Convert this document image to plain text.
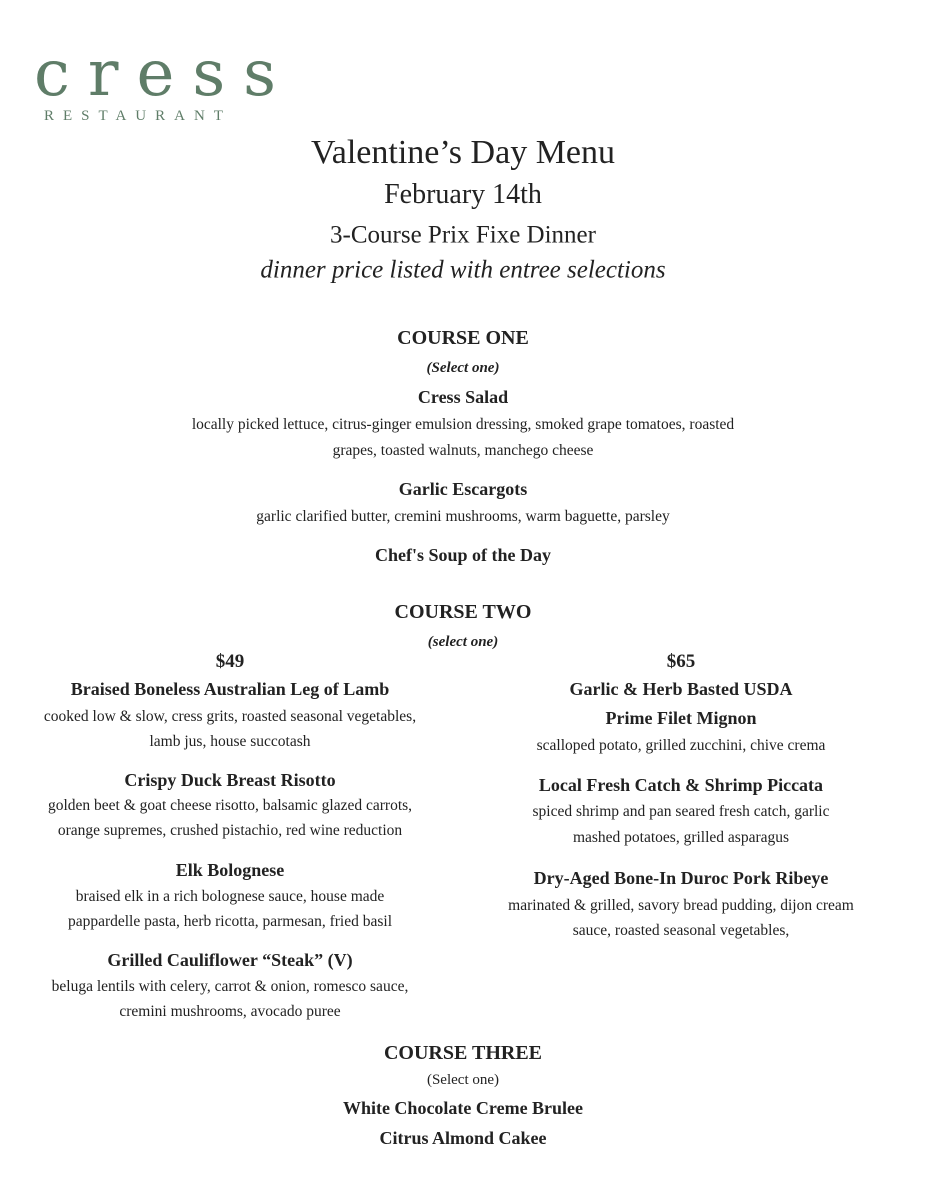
cress
RESTAURANT
Valentine’s Day Menu
February 14th
3-Course Prix Fixe Dinner
dinner price listed with entree selections
COURSE ONE
(Select one)
Cress Salad
locally picked lettuce, citrus-ginger emulsion dressing, smoked grape tomatoes, roasted
grapes, toasted walnuts, manchego cheese
Garlic Escargots
garlic clarified butter, cremini mushrooms, warm baguette, parsley
Chef's Soup of the Day
COURSE TWO
(select one)
$49
Braised Boneless Australian Leg of Lamb
cooked low & slow, cress grits, roasted seasonal vegetables,
lamb jus, house succotash
Crispy Duck Breast Risotto
golden beet & goat cheese risotto, balsamic glazed carrots,
orange supremes, crushed pistachio, red wine reduction
Elk Bolognese
braised elk in a rich bolognese sauce, house made
pappardelle pasta, herb ricotta, parmesan, fried basil
Grilled Cauliflower “Steak” (V)
beluga lentils with celery, carrot & onion, romesco sauce,
cremini mushrooms, avocado puree
$65
Garlic & Herb Basted USDA
Prime Filet Mignon
scalloped potato, grilled zucchini, chive crema
Local Fresh Catch & Shrimp Piccata
spiced shrimp and pan seared fresh catch, garlic
mashed potatoes, grilled asparagus
Dry-Aged Bone-In Duroc Pork Ribeye
marinated & grilled, savory bread pudding, dijon cream
sauce, roasted seasonal vegetables,
COURSE THREE
(Select one)
White Chocolate Creme Brulee
Citrus Almond Cakee
